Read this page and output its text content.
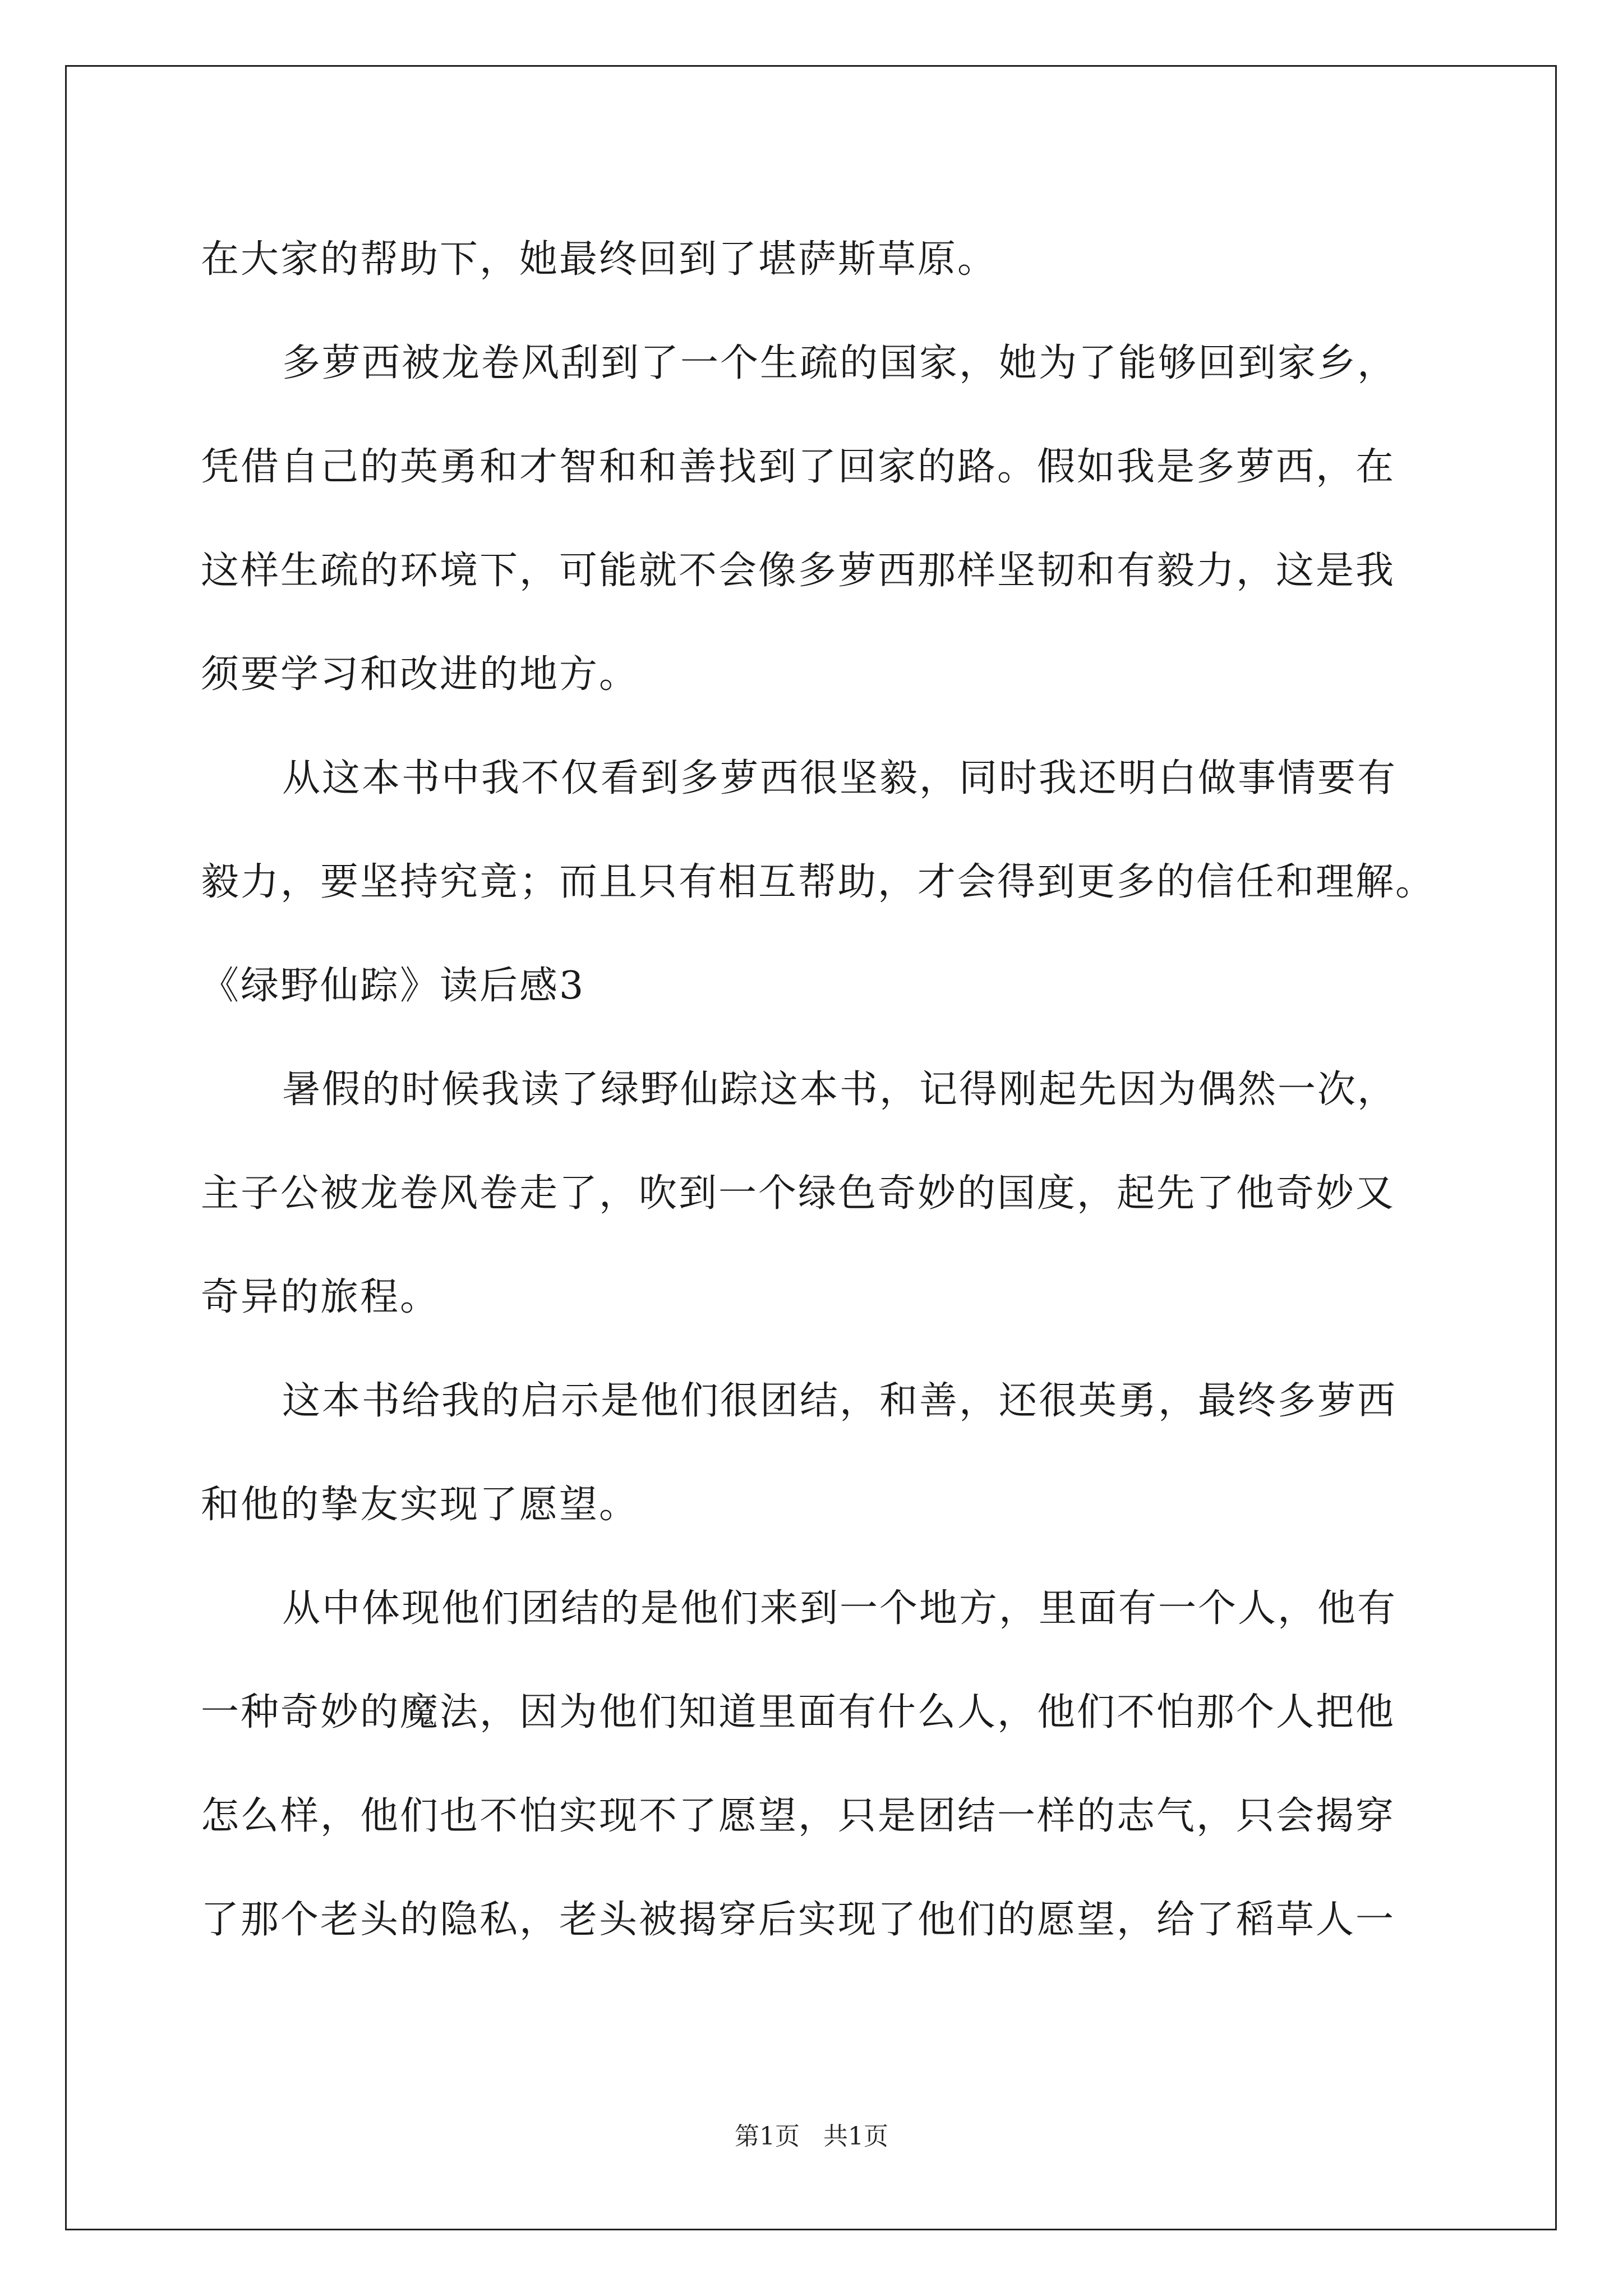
在大家的帮助下，她最终回到了堪萨斯草原。
多萝西被龙卷风刮到了一个生疏的国家，她为了能够回到家乡，
凭借自己的英勇和才智和和善找到了回家的路。假如我是多萝西，在
这样生疏的环境下，可能就不会像多萝西那样坚韧和有毅力，这是我
须要学习和改进的地方。
从这本书中我不仅看到多萝西很坚毅，同时我还明白做事情要有
毅力，要坚持究竟；而且只有相互帮助，才会得到更多的信任和理解。
《绿野仙踪》读后感3
暑假的时候我读了绿野仙踪这本书，记得刚起先因为偶然一次，
主子公被龙卷风卷走了，吹到一个绿色奇妙的国度，起先了他奇妙又
奇异的旅程。
这本书给我的启示是他们很团结，和善，还很英勇，最终多萝西
和他的挚友实现了愿望。
从中体现他们团结的是他们来到一个地方，里面有一个人，他有
一种奇妙的魔法，因为他们知道里面有什么人，他们不怕那个人把他
怎么样，他们也不怕实现不了愿望，只是团结一样的志气，只会揭穿
了那个老头的隐私，老头被揭穿后实现了他们的愿望，给了稻草人一
第1页   共1页
